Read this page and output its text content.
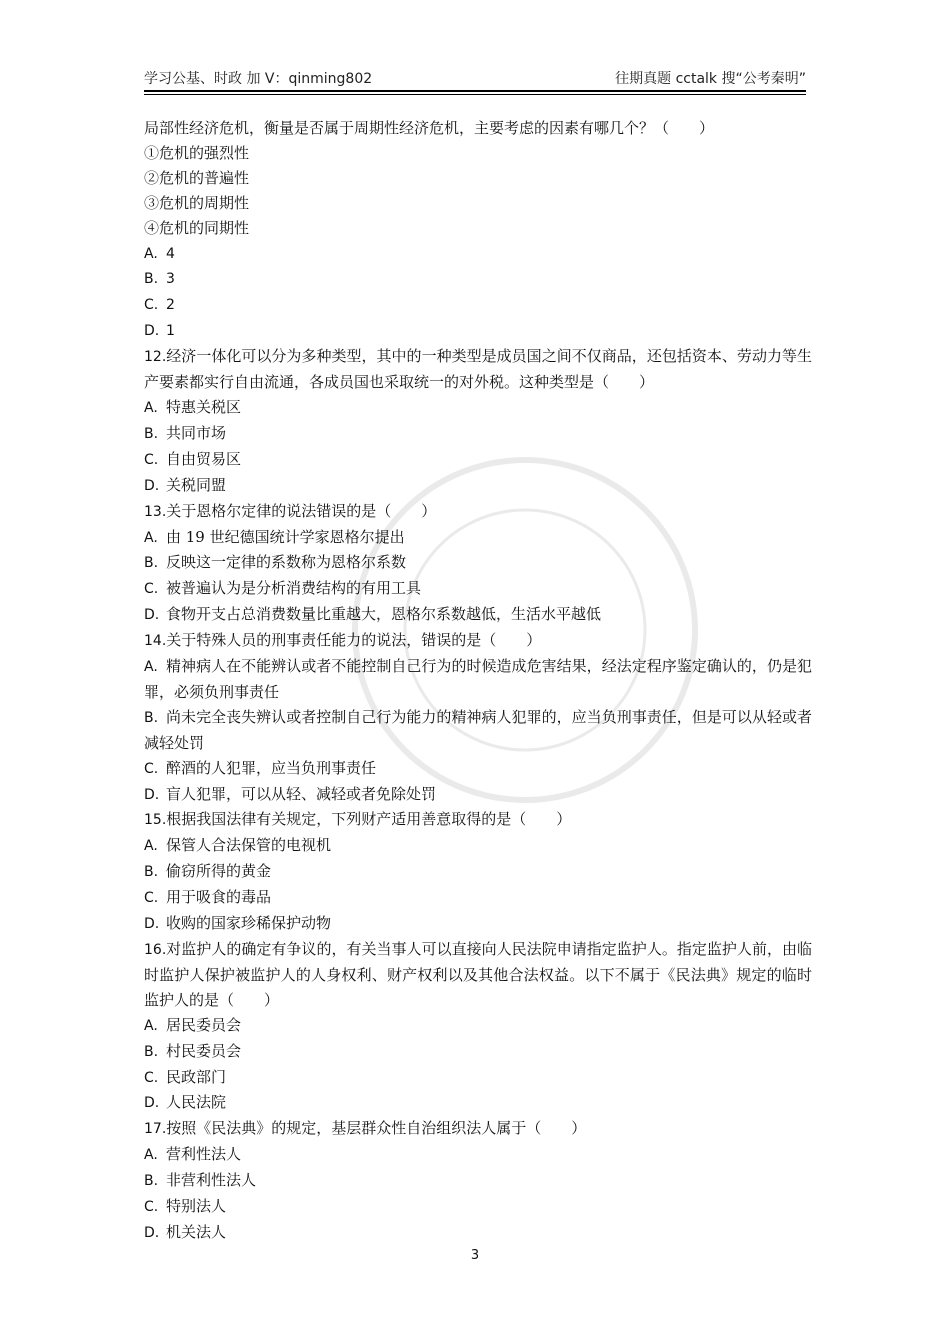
学习公基、时政 加 V：qinming802	往期真题 cctalk 搜“公考秦明”
局部性经济危机，衡量是否属于周期性经济危机，主要考虑的因素有哪几个？（　　）
①危机的强烈性
②危机的普遍性
③危机的周期性
④危机的同期性
A. 4
B. 3
C. 2
D. 1
12.经济一体化可以分为多种类型，其中的一种类型是成员国之间不仅商品，还包括资本、劳动力等生产要素都实行自由流通，各成员国也采取统一的对外税。这种类型是（　　）
A. 特惠关税区
B. 共同市场
C. 自由贸易区
D. 关税同盟
13.关于恩格尔定律的说法错误的是（　　）
A. 由 19 世纪德国统计学家恩格尔提出
B. 反映这一定律的系数称为恩格尔系数
C. 被普遍认为是分析消费结构的有用工具
D. 食物开支占总消费数量比重越大，恩格尔系数越低，生活水平越低
14.关于特殊人员的刑事责任能力的说法，错误的是（　　）
A. 精神病人在不能辨认或者不能控制自己行为的时候造成危害结果，经法定程序鉴定确认的，仍是犯罪，必须负刑事责任
B. 尚未完全丧失辨认或者控制自己行为能力的精神病人犯罪的，应当负刑事责任，但是可以从轻或者减轻处罚
C. 醉酒的人犯罪，应当负刑事责任
D. 盲人犯罪，可以从轻、减轻或者免除处罚
15.根据我国法律有关规定，下列财产适用善意取得的是（　　）
A. 保管人合法保管的电视机
B. 偷窃所得的黄金
C. 用于吸食的毒品
D. 收购的国家珍稀保护动物
16.对监护人的确定有争议的，有关当事人可以直接向人民法院申请指定监护人。指定监护人前，由临时监护人保护被监护人的人身权利、财产权利以及其他合法权益。以下不属于《民法典》规定的临时监护人的是（　　）
A. 居民委员会
B. 村民委员会
C. 民政部门
D. 人民法院
17.按照《民法典》的规定，基层群众性自治组织法人属于（　　）
A. 营利性法人
B. 非营利性法人
C. 特别法人
D. 机关法人
3
